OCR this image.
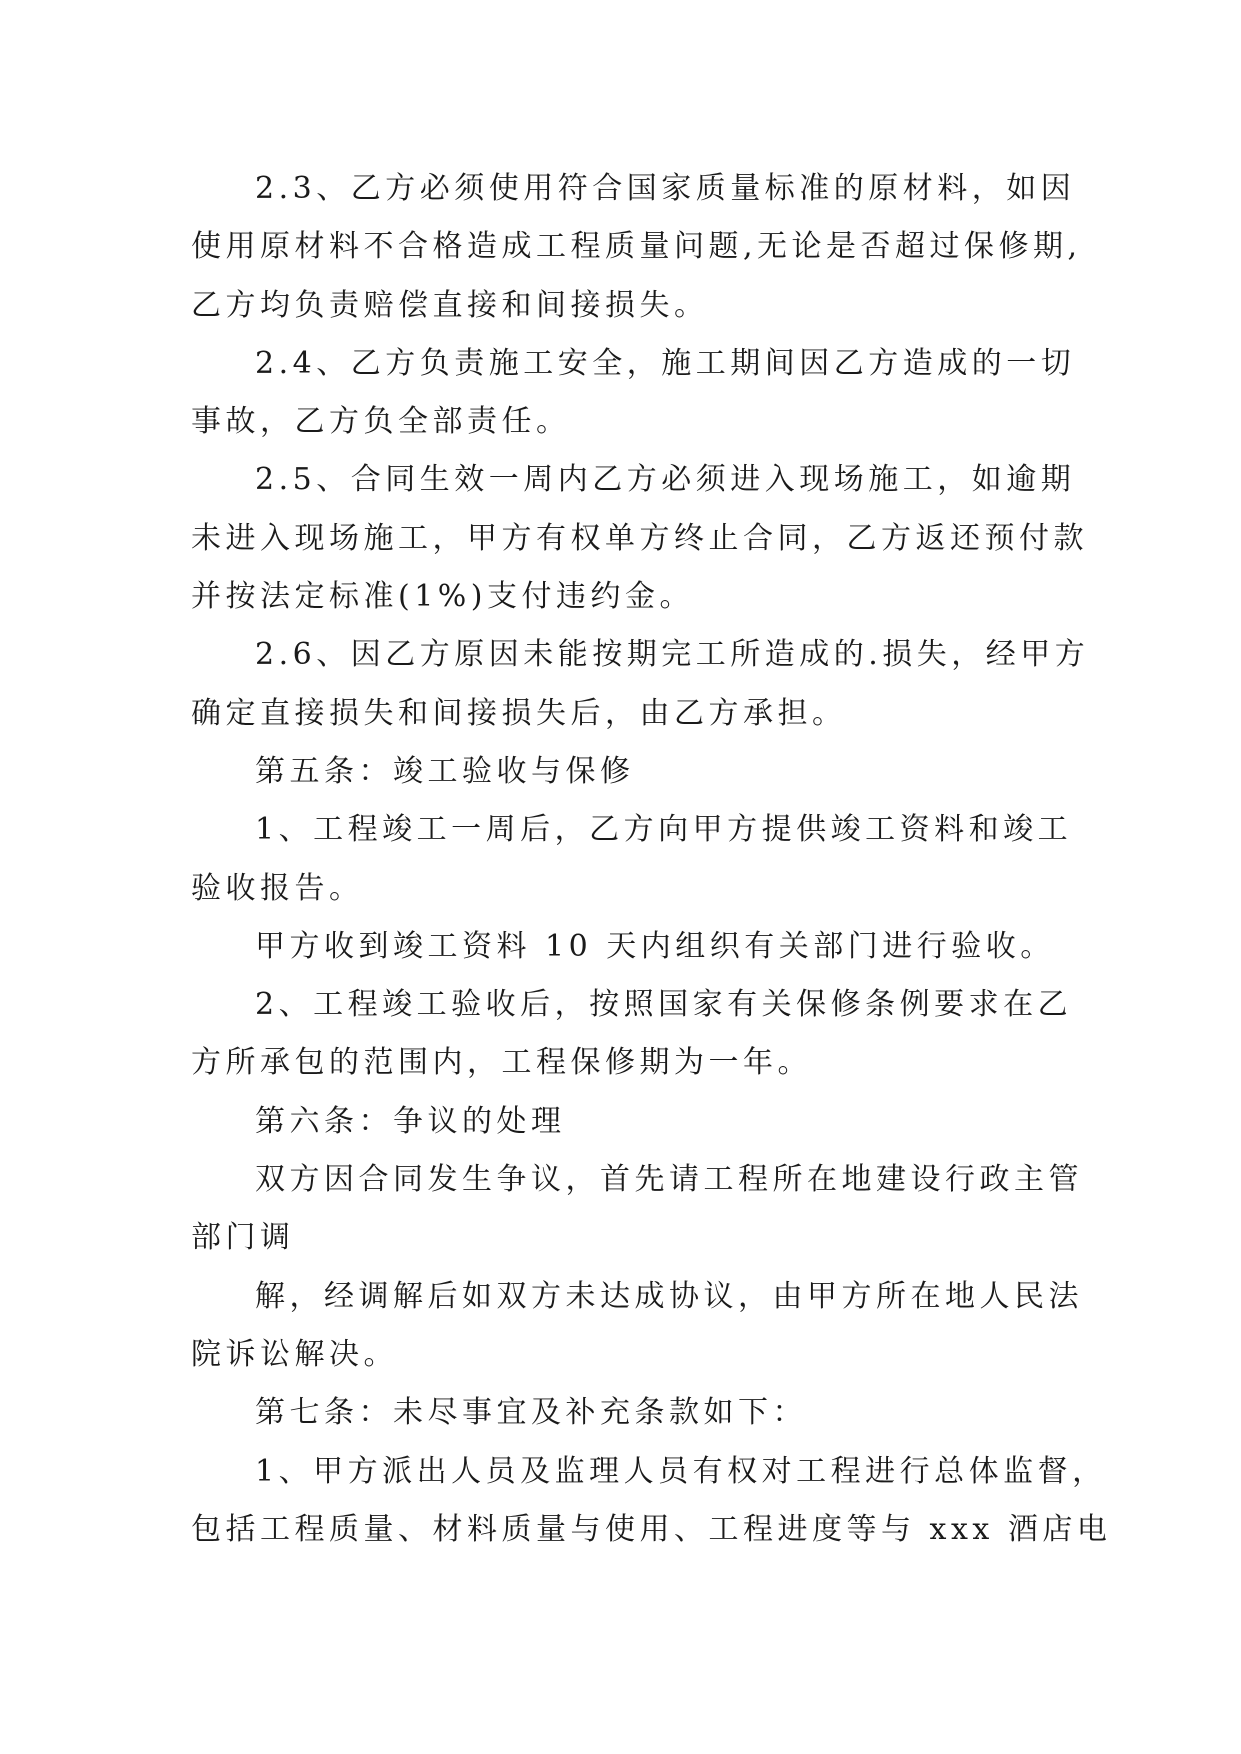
2.3、乙方必须使用符合国家质量标准的原材料，如因

使用原材料不合格造成工程质量问题,无论是否超过保修期,

乙方均负责赔偿直接和间接损失。

2.4、乙方负责施工安全，施工期间因乙方造成的一切

事故，乙方负全部责任。

2.5、合同生效一周内乙方必须进入现场施工，如逾期

未进入现场施工，甲方有权单方终止合同，乙方返还预付款

并按法定标准(1%)支付违约金。

2.6、因乙方原因未能按期完工所造成的.损失，经甲方

确定直接损失和间接损失后，由乙方承担。

第五条：竣工验收与保修

1、工程竣工一周后，乙方向甲方提供竣工资料和竣工

验收报告。

甲方收到竣工资料 10 天内组织有关部门进行验收。

2、工程竣工验收后，按照国家有关保修条例要求在乙

方所承包的范围内，工程保修期为一年。

第六条：争议的处理

双方因合同发生争议，首先请工程所在地建设行政主管

部门调

解，经调解后如双方未达成协议，由甲方所在地人民法

院诉讼解决。

第七条：未尽事宜及补充条款如下：

1、甲方派出人员及监理人员有权对工程进行总体监督，

包括工程质量、材料质量与使用、工程进度等与 xxx 酒店电
